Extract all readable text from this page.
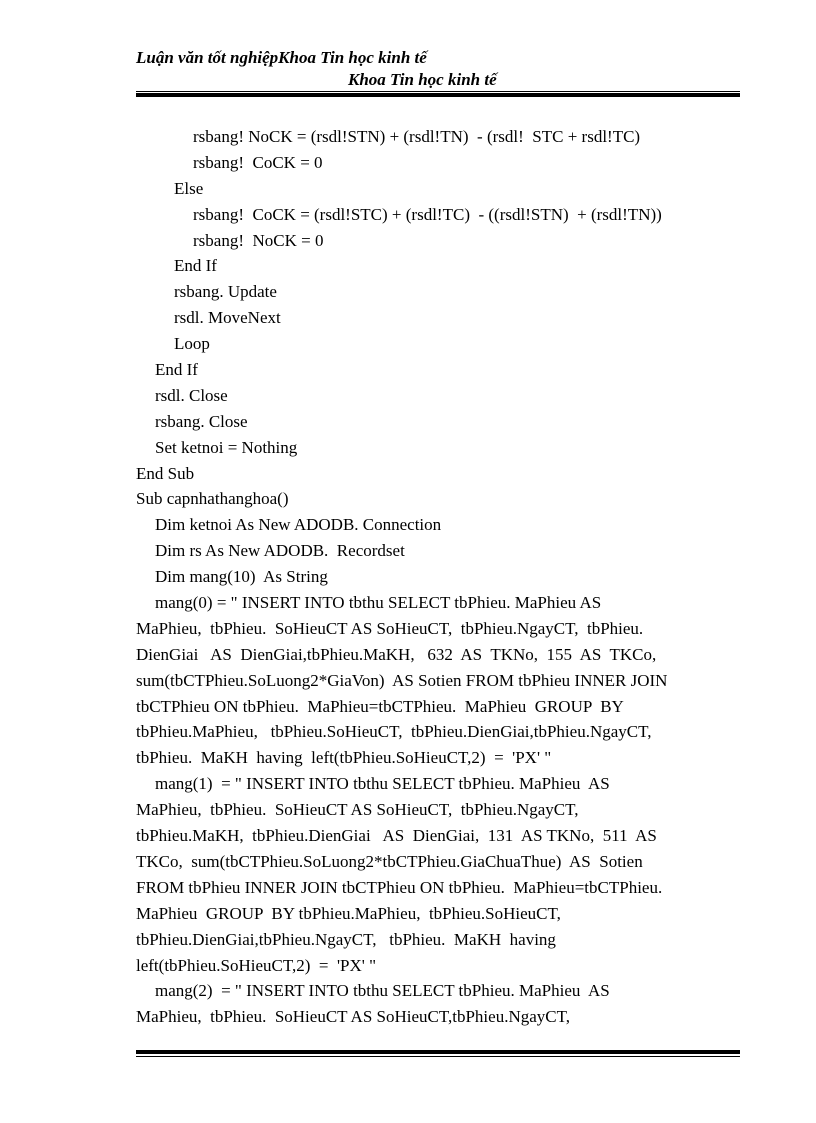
Luận văn tốt nghiệpKhoa Tin học kinh tế
Khoa Tin học kinh tế
rsbang! NoCK = (rsdl!STN) + (rsdl!TN)  - (rsdl!  STC + rsdl!TC)
rsbang!  CoCK = 0
Else
rsbang!  CoCK = (rsdl!STC) + (rsdl!TC)  - ((rsdl!STN)  + (rsdl!TN))
rsbang!  NoCK = 0
End If
rsbang. Update
rsdl. MoveNext
Loop
End If
rsdl. Close
rsbang. Close
Set ketnoi = Nothing
End Sub
Sub capnhathanghoa()
Dim ketnoi As New ADODB. Connection
Dim rs As New ADODB.  Recordset
Dim mang(10)  As String
mang(0) = " INSERT INTO tbthu SELECT tbPhieu. MaPhieu AS
MaPhieu,  tbPhieu.  SoHieuCT AS SoHieuCT,  tbPhieu.NgayCT,  tbPhieu.
DienGiai   AS  DienGiai,tbPhieu.MaKH,   632  AS  TKNo,  155  AS  TKCo,
sum(tbCTPhieu.SoLuong2*GiaVon)  AS Sotien FROM tbPhieu INNER JOIN
tbCTPhieu ON tbPhieu.  MaPhieu=tbCTPhieu.  MaPhieu  GROUP  BY
tbPhieu.MaPhieu,   tbPhieu.SoHieuCT,  tbPhieu.DienGiai,tbPhieu.NgayCT,
tbPhieu.  MaKH  having  left(tbPhieu.SoHieuCT,2)  =  'PX' "
mang(1)  = " INSERT INTO tbthu SELECT tbPhieu. MaPhieu  AS
MaPhieu,  tbPhieu.  SoHieuCT AS SoHieuCT,  tbPhieu.NgayCT,
tbPhieu.MaKH,  tbPhieu.DienGiai   AS  DienGiai,  131  AS TKNo,  511  AS
TKCo,  sum(tbCTPhieu.SoLuong2*tbCTPhieu.GiaChuaThue)  AS  Sotien
FROM tbPhieu INNER JOIN tbCTPhieu ON tbPhieu.  MaPhieu=tbCTPhieu.
MaPhieu  GROUP  BY tbPhieu.MaPhieu,  tbPhieu.SoHieuCT,
tbPhieu.DienGiai,tbPhieu.NgayCT,   tbPhieu.  MaKH  having
left(tbPhieu.SoHieuCT,2)  =  'PX' "
mang(2)  = " INSERT INTO tbthu SELECT tbPhieu. MaPhieu  AS
MaPhieu,  tbPhieu.  SoHieuCT AS SoHieuCT,tbPhieu.NgayCT,
